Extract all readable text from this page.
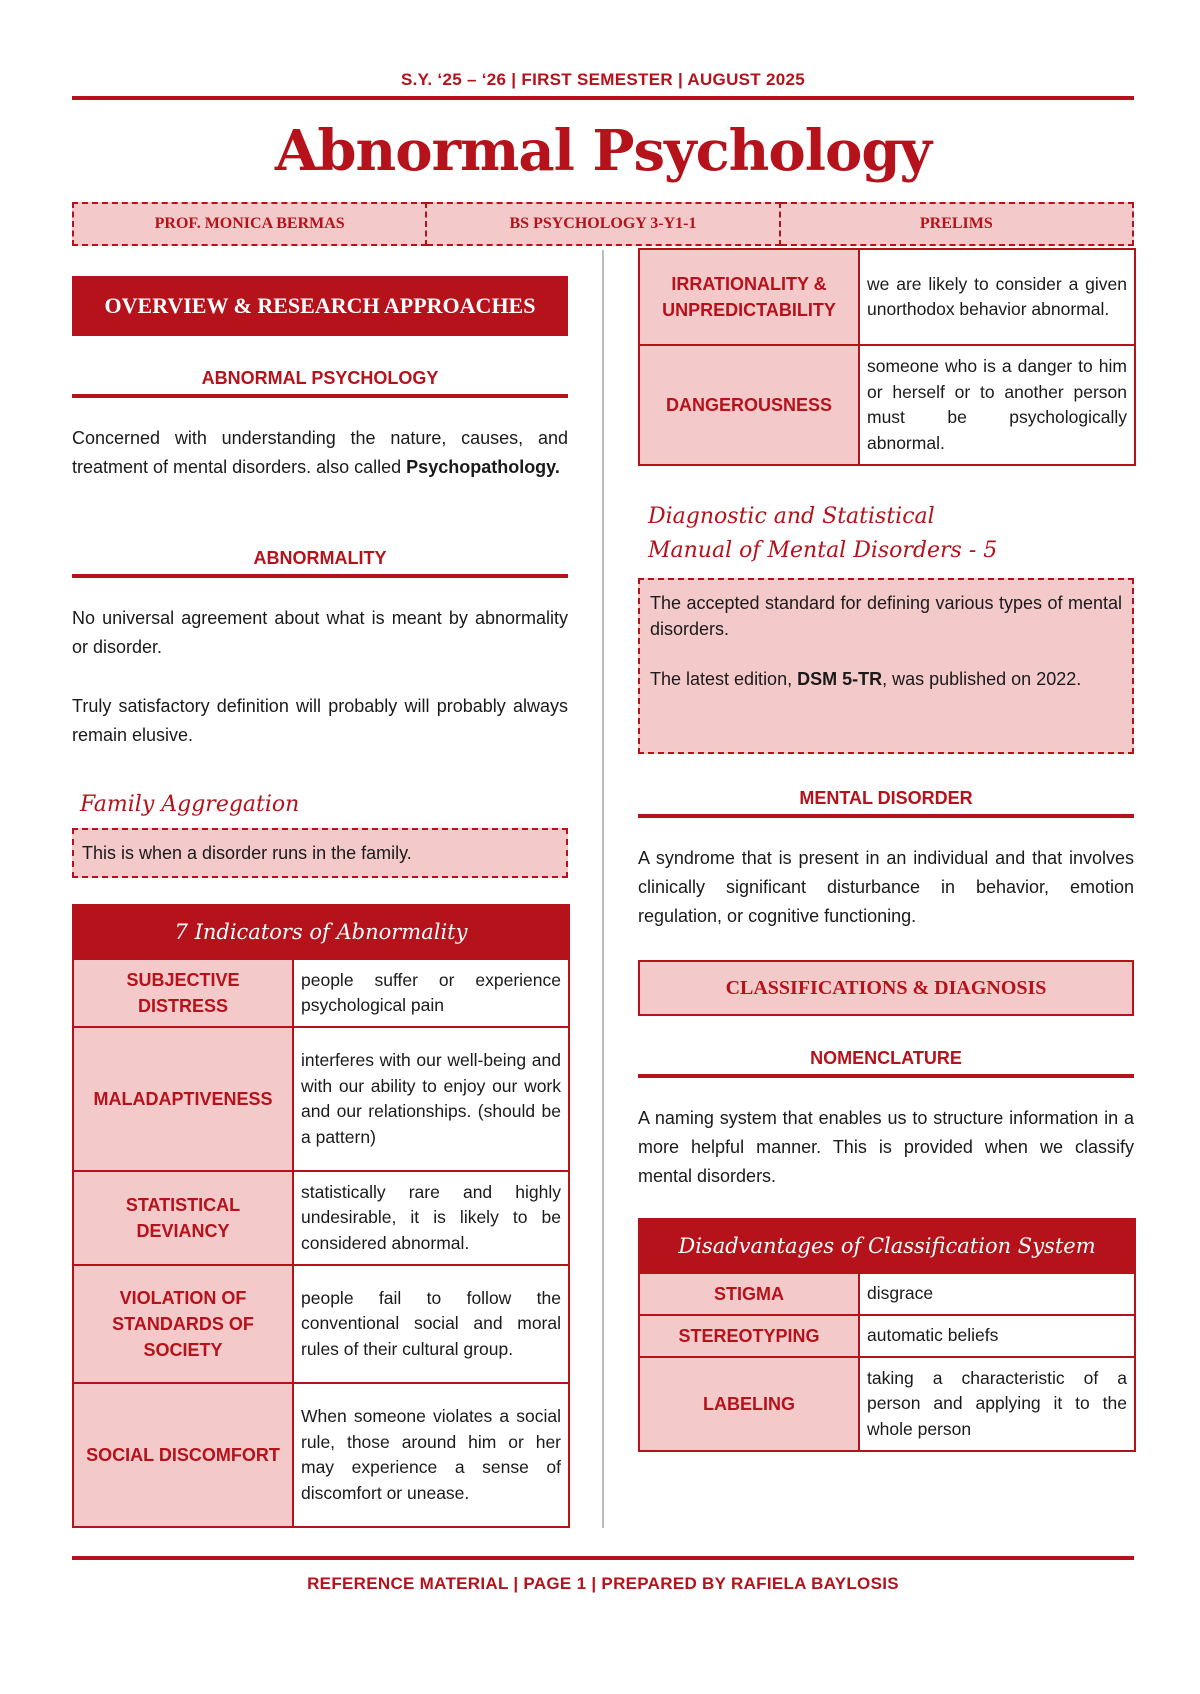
S.Y. ‘25 – ‘26 | FIRST SEMESTER | AUGUST 2025
Abnormal Psychology
PROF. MONICA BERMAS	BS PSYCHOLOGY 3-Y1-1	PRELIMS
OVERVIEW & RESEARCH APPROACHES
ABNORMAL PSYCHOLOGY
Concerned with understanding the nature, causes, and treatment of mental disorders. also called Psychopathology.
ABNORMALITY
No universal agreement about what is meant by abnormality or disorder.
Truly satisfactory definition will probably will probably always remain elusive.
Family Aggregation
This is when a disorder runs in the family.
7 Indicators of Abnormality	
SUBJECTIVE DISTRESS	people suffer or experience psychological pain
MALADAPTIVENESS	interferes with our well-being and with our ability to enjoy our work and our relationships. (should be a pattern)
STATISTICAL DEVIANCY	statistically rare and highly undesirable, it is likely to be considered abnormal.
VIOLATION OF STANDARDS OF SOCIETY	people fail to follow the conventional social and moral rules of their cultural group.
SOCIAL DISCOMFORT	When someone violates a social rule, those around him or her may experience a sense of discomfort or unease.
IRRATIONALITY & UNPREDICTABILITY	we are likely to consider a given unorthodox behavior abnormal.
DANGEROUSNESS	someone who is a danger to him or herself or to another person must be psychologically abnormal.
Diagnostic and Statistical
Manual of Mental Disorders - 5
The accepted standard for defining various types of mental disorders.
The latest edition, DSM 5-TR, was published on 2022.
MENTAL DISORDER
A syndrome that is present in an individual and that involves clinically significant disturbance in behavior, emotion regulation, or cognitive functioning.
CLASSIFICATIONS & DIAGNOSIS
NOMENCLATURE
A naming system that enables us to structure information in a more helpful manner. This is provided when we classify mental disorders.
Disadvantages of Classification System	
STIGMA	disgrace
STEREOTYPING	automatic beliefs
LABELING	taking a characteristic of a person and applying it to the whole person
REFERENCE MATERIAL | PAGE 1 | PREPARED BY RAFIELA BAYLOSIS
